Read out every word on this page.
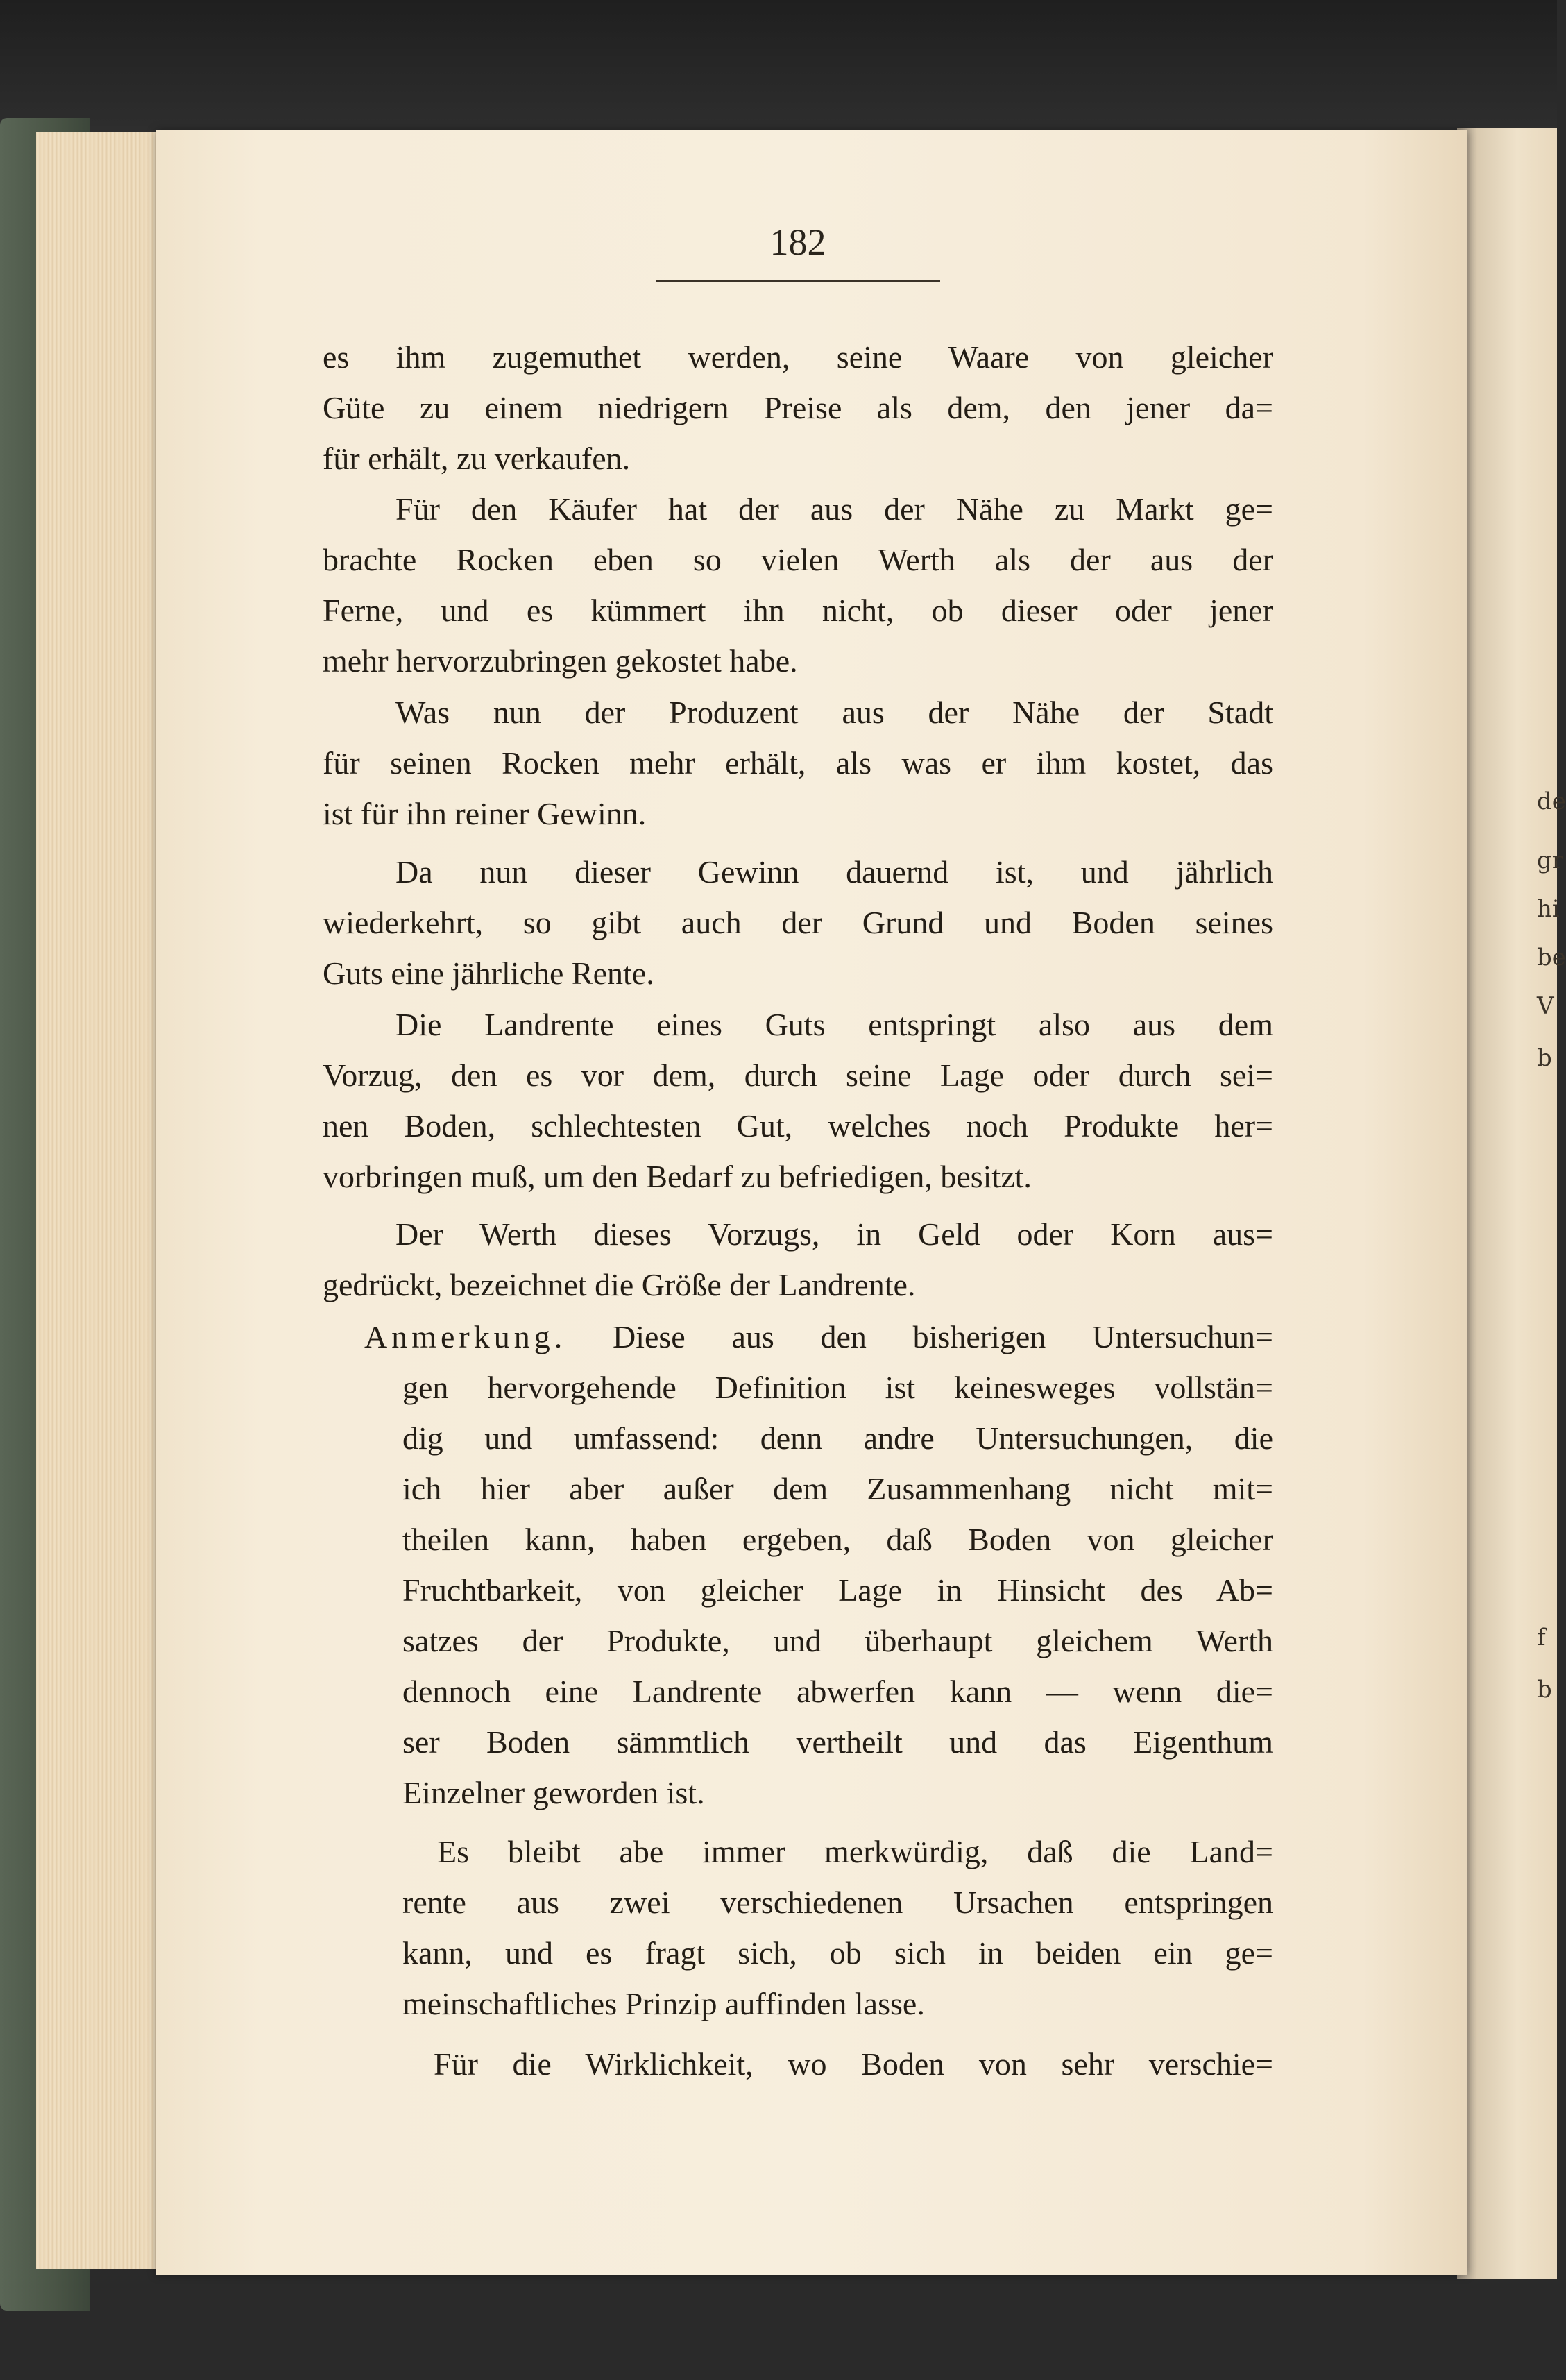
de
gr
hi
be
V
b
f
b
182
es ihm zugemuthet werden, seine Waare von gleicher
Güte zu einem niedrigern Preise als dem, den jener da=
für erhält, zu verkaufen.
Für den Käufer hat der aus der Nähe zu Markt ge=
brachte Rocken eben so vielen Werth als der aus der
Ferne, und es kümmert ihn nicht, ob dieser oder jener
mehr hervorzubringen gekostet habe.
Was nun der Produzent aus der Nähe der Stadt
für seinen Rocken mehr erhält, als was er ihm kostet, das
ist für ihn reiner Gewinn.
Da nun dieser Gewinn dauernd ist, und jährlich
wiederkehrt, so gibt auch der Grund und Boden seines
Guts eine jährliche Rente.
Die Landrente eines Guts entspringt also aus dem
Vorzug, den es vor dem, durch seine Lage oder durch sei=
nen Boden, schlechtesten Gut, welches noch Produkte her=
vorbringen muß, um den Bedarf zu befriedigen, besitzt.
Der Werth dieses Vorzugs, in Geld oder Korn aus=
gedrückt, bezeichnet die Größe der Landrente.
Anmerkung. Diese aus den bisherigen Untersuchun=
gen hervorgehende Definition ist keinesweges vollstän=
dig und umfassend: denn andre Untersuchungen, die
ich hier aber außer dem Zusammenhang nicht mit=
theilen kann, haben ergeben, daß Boden von gleicher
Fruchtbarkeit, von gleicher Lage in Hinsicht des Ab=
satzes der Produkte, und überhaupt gleichem Werth
dennoch eine Landrente abwerfen kann — wenn die=
ser Boden sämmtlich vertheilt und das Eigenthum
Einzelner geworden ist.
Es bleibt abe immer merkwürdig, daß die Land=
rente aus zwei verschiedenen Ursachen entspringen
kann, und es fragt sich, ob sich in beiden ein ge=
meinschaftliches Prinzip auffinden lasse.
Für die Wirklichkeit, wo Boden von sehr verschie=
